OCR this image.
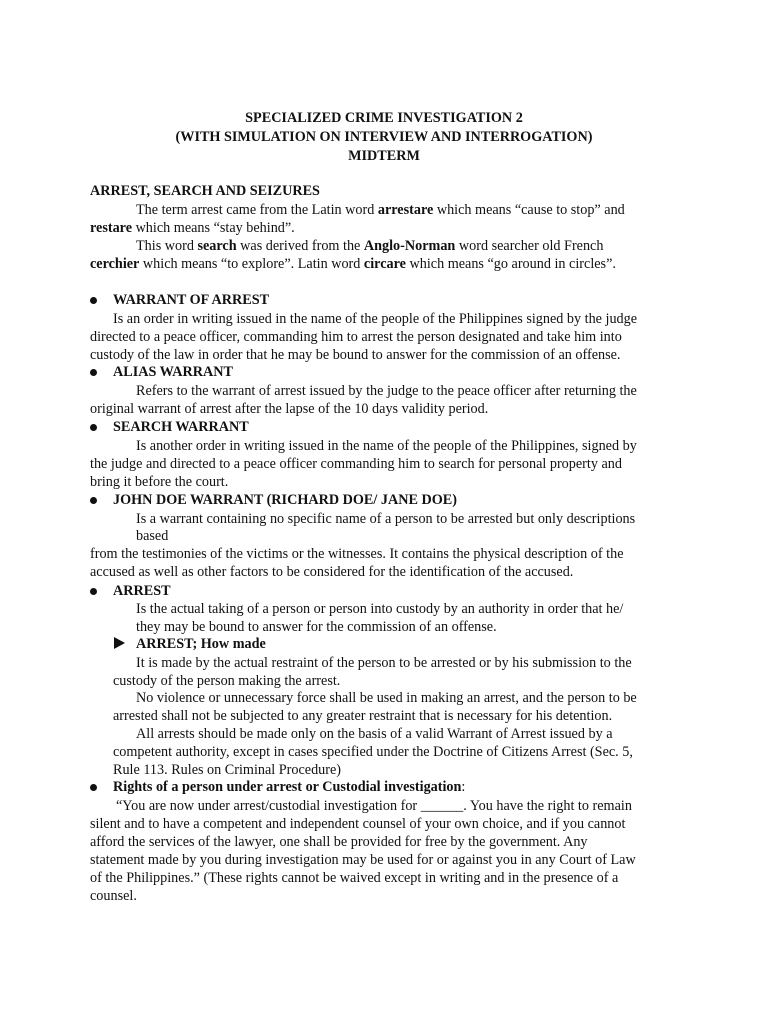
SPECIALIZED CRIME INVESTIGATION 2
(WITH SIMULATION ON INTERVIEW AND INTERROGATION)
MIDTERM
ARREST, SEARCH AND SEIZURES
The term arrest came from the Latin word arrestare which means “cause to stop” and
restare which means “stay behind”.
This word search was derived from the Anglo-Norman word searcher old French
cerchier which means “to explore”. Latin word circare which means “go around in circles”.
WARRANT OF ARREST
Is an order in writing issued in the name of the people of the Philippines signed by the judge
directed to a peace officer, commanding him to arrest the person designated and take him into
custody of the law in order that he may be bound to answer for the commission of an offense.
ALIAS WARRANT
Refers to the warrant of arrest issued by the judge to the peace officer after returning the
original warrant of arrest after the lapse of the 10 days validity period.
SEARCH WARRANT
Is another order in writing issued in the name of the people of the Philippines, signed by
the judge and directed to a peace officer commanding him to search for personal property and
bring it before the court.
JOHN DOE WARRANT (RICHARD DOE/ JANE DOE)
Is a warrant containing no specific name of a person to be arrested but only descriptions
based
from the testimonies of the victims or the witnesses. It contains the physical description of the
accused as well as other factors to be considered for the identification of the accused.
ARREST
Is the actual taking of a person or person into custody by an authority in order that he/
they may be bound to answer for the commission of an offense.
ARREST; How made
It is made by the actual restraint of the person to be arrested or by his submission to the
custody of the person making the arrest.
No violence or unnecessary force shall be used in making an arrest, and the person to be
arrested shall not be subjected to any greater restraint that is necessary for his detention.
All arrests should be made only on the basis of a valid Warrant of Arrest issued by a
competent authority, except in cases specified under the Doctrine of Citizens Arrest (Sec. 5,
Rule 113. Rules on Criminal Procedure)
Rights of a person under arrest or Custodial investigation:
“You are now under arrest/custodial investigation for ______. You have the right to remain
silent and to have a competent and independent counsel of your own choice, and if you cannot
afford the services of the lawyer, one shall be provided for free by the government. Any
statement made by you during investigation may be used for or against you in any Court of Law
of the Philippines.” (These rights cannot be waived except in writing and in the presence of a
counsel.
